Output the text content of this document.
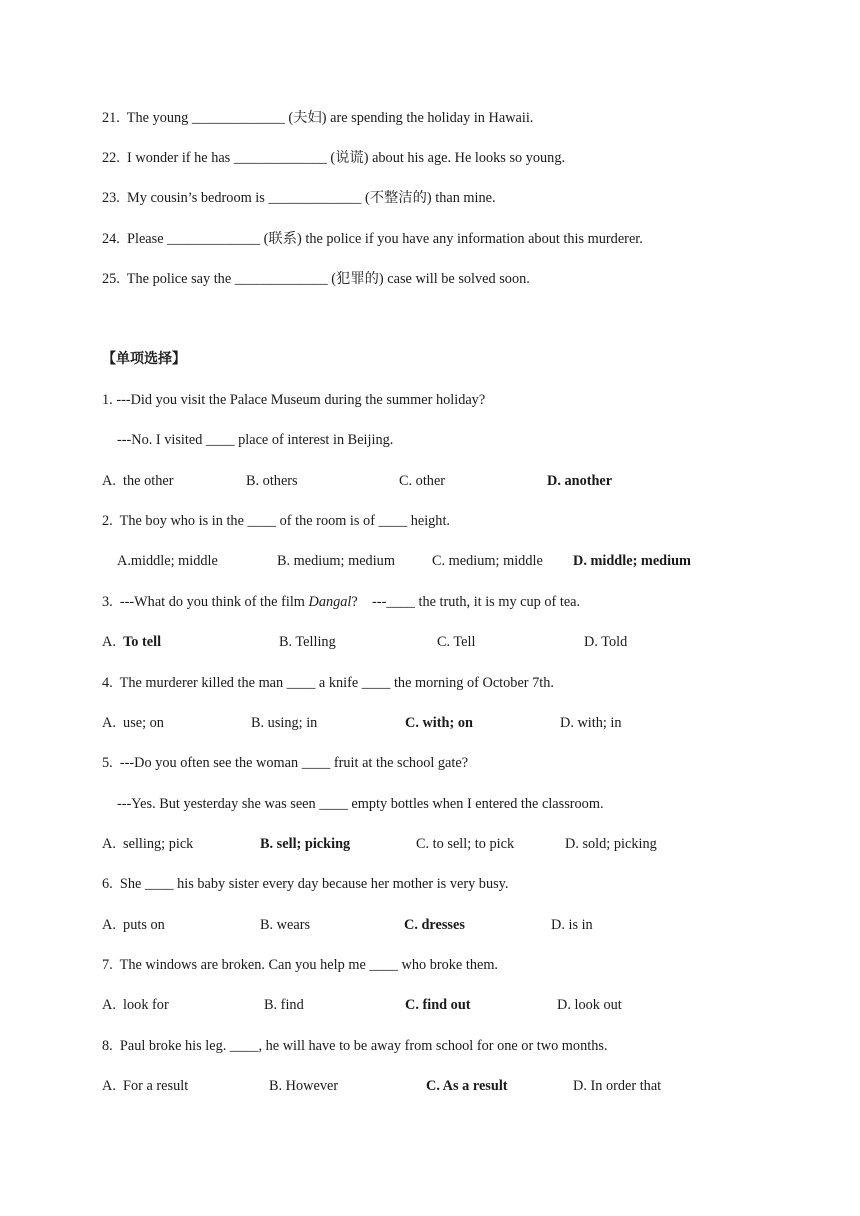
21. The young _____________ (夫妇) are spending the holiday in Hawaii.
22. I wonder if he has _____________ (说谎) about his age. He looks so young.
23. My cousin’s bedroom is _____________ (不整洁的) than mine.
24. Please _____________ (联系) the police if you have any information about this murderer.
25. The police say the _____________ (犯罪的) case will be solved soon.
【单项选择】
1. ---Did you visit the Palace Museum during the summer holiday?
---No. I visited ____ place of interest in Beijing.
A.  the other	B. others	C. other	D. another
2. The boy who is in the ____ of the room is of ____ height.
A.middle; middle	B. medium; medium	C. medium; middle D. middle; medium
3. ---What do you think of the film Dangal?    ---____ the truth, it is my cup of tea.
A. To tell	B. Telling	C. Tell	D. Told
4. The murderer killed the man ____ a knife ____ the morning of October 7th.
A.  use; on	B. using; in	C. with; on	D. with; in
5. ---Do you often see the woman ____ fruit at the school gate?
---Yes. But yesterday she was seen ____ empty bottles when I entered the classroom.
A.  selling; pick	B. sell; picking	C. to sell; to pick	D. sold; picking
6. She ____ his baby sister every day because her mother is very busy.
A.  puts on	B. wears	C. dresses	D. is in
7. The windows are broken. Can you help me ____ who broke them.
A.  look for	B. find	C. find out	D. look out
8. Paul broke his leg. ____, he will have to be away from school for one or two months.
A.  For a result	B. However	C. As a result	D. In order that
